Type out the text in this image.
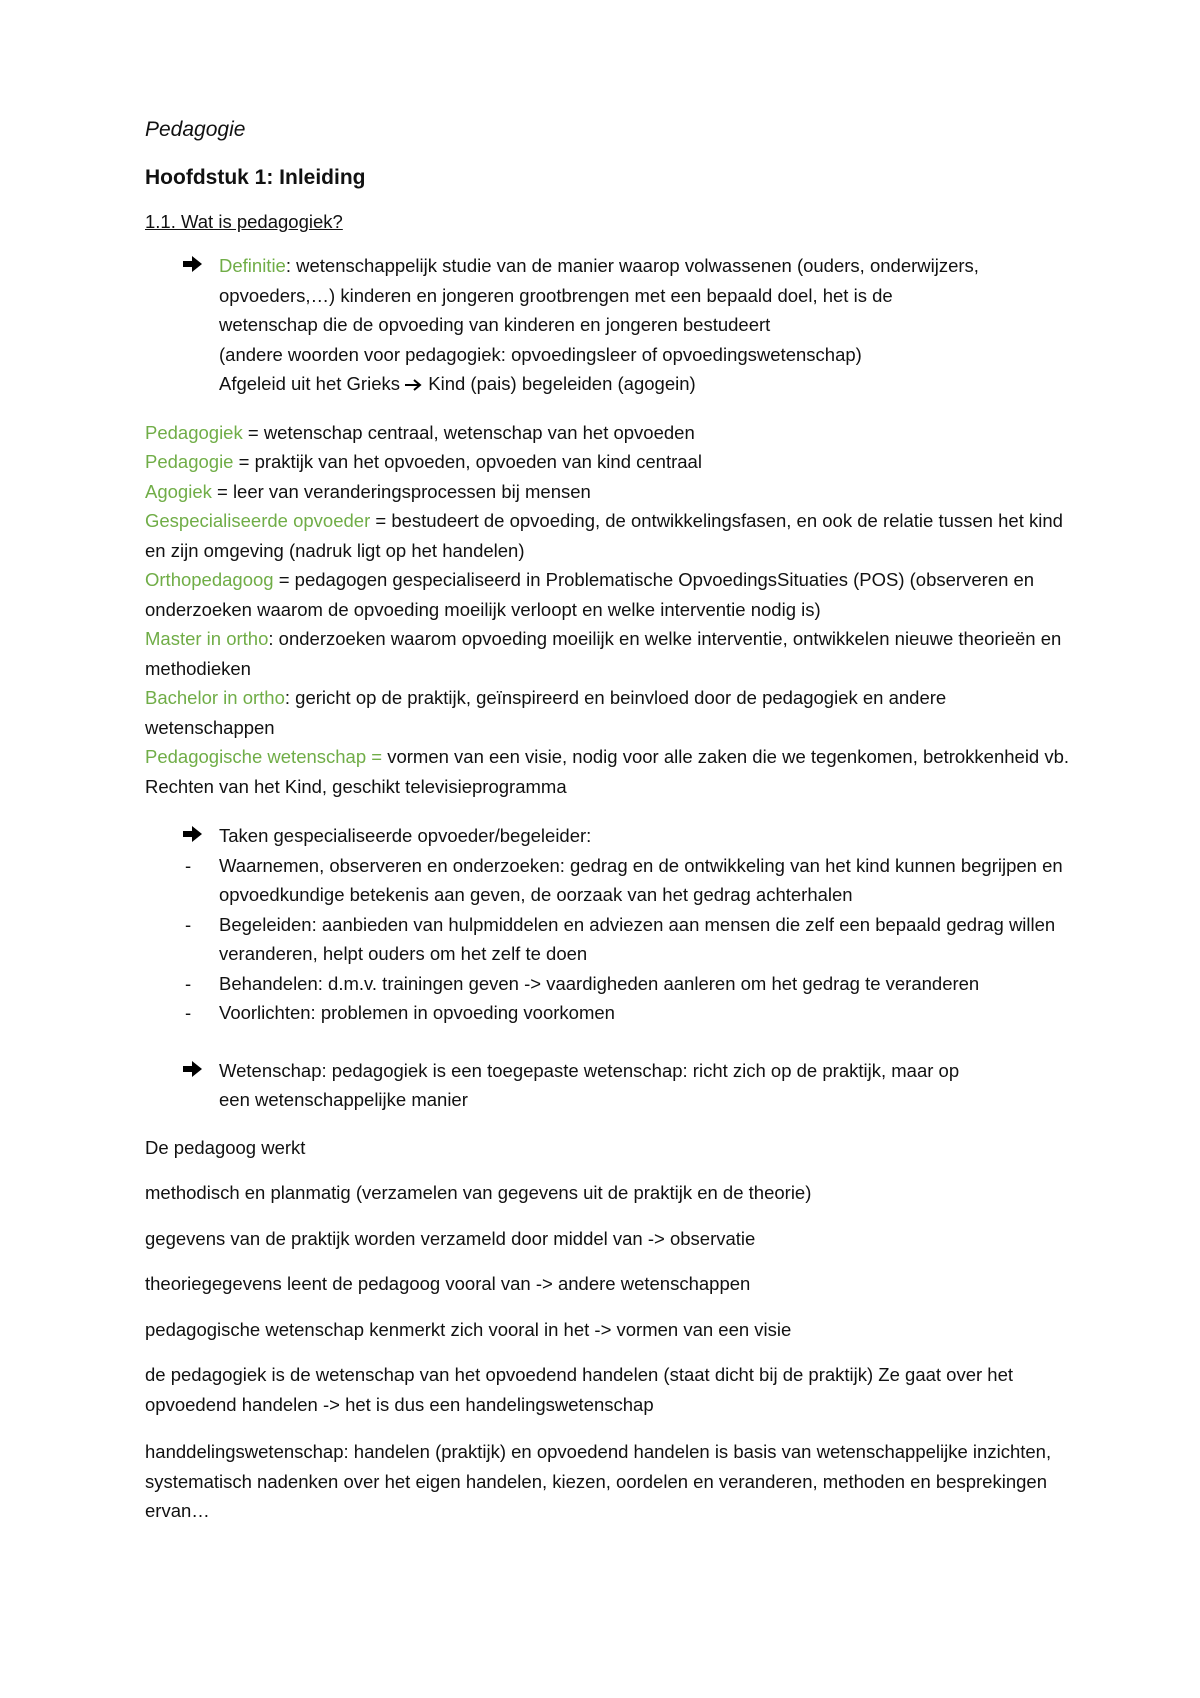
Pedagogie

Hoofdstuk 1: Inleiding

1.1. Wat is pedagogiek?

Definitie: wetenschappelijk studie van de manier waarop volwassenen (ouders, onderwijzers,
opvoeders,…) kinderen en jongeren grootbrengen met een bepaald doel, het is de
wetenschap die de opvoeding van kinderen en jongeren bestudeert
(andere woorden voor pedagogiek: opvoedingsleer of opvoedingswetenschap)
Afgeleid uit het Grieks Kind (pais) begeleiden (agogein)

Pedagogiek = wetenschap centraal, wetenschap van het opvoeden

Pedagogie = praktijk van het opvoeden, opvoeden van kind centraal

Agogiek = leer van veranderingsprocessen bij mensen

Gespecialiseerde opvoeder = bestudeert de opvoeding, de ontwikkelingsfasen, en ook de relatie tussen het kind en zijn omgeving (nadruk ligt op het handelen)

Orthopedagoog = pedagogen gespecialiseerd in Problematische OpvoedingsSituaties (POS) (observeren en onderzoeken waarom de opvoeding moeilijk verloopt en welke interventie nodig is)

Master in ortho: onderzoeken waarom opvoeding moeilijk en welke interventie, ontwikkelen nieuwe theorieën en methodieken

Bachelor in ortho: gericht op de praktijk, geïnspireerd en beinvloed door de pedagogiek en andere wetenschappen

Pedagogische wetenschap = vormen van een visie, nodig voor alle zaken die we tegenkomen, betrokkenheid vb. Rechten van het Kind, geschikt televisieprogramma

Taken gespecialiseerde opvoeder/begeleider:
-	Waarnemen, observeren en onderzoeken: gedrag en de ontwikkeling van het kind kunnen begrijpen en opvoedkundige betekenis aan geven, de oorzaak van het gedrag achterhalen
-	Begeleiden: aanbieden van hulpmiddelen en adviezen aan mensen die zelf een bepaald gedrag willen veranderen, helpt ouders om het zelf te doen
-	Behandelen: d.m.v. trainingen geven -> vaardigheden aanleren om het gedrag te veranderen
-	Voorlichten: problemen in opvoeding voorkomen
Wetenschap: pedagogiek is een toegepaste wetenschap: richt zich op de praktijk, maar op
een wetenschappelijke manier

De pedagoog werkt

methodisch en planmatig (verzamelen van gegevens uit de praktijk en de theorie)

gegevens van de praktijk worden verzameld door middel van -> observatie

theoriegegevens leent de pedagoog vooral van -> andere wetenschappen

pedagogische wetenschap kenmerkt zich vooral in het -> vormen van een visie

de pedagogiek is de wetenschap van het opvoedend handelen (staat dicht bij de praktijk) Ze gaat over het opvoedend handelen -> het is dus een handelingswetenschap

handdelingswetenschap: handelen (praktijk) en opvoedend handelen is basis van wetenschappelijke inzichten, systematisch nadenken over het eigen handelen, kiezen, oordelen en veranderen, methoden en besprekingen ervan…
